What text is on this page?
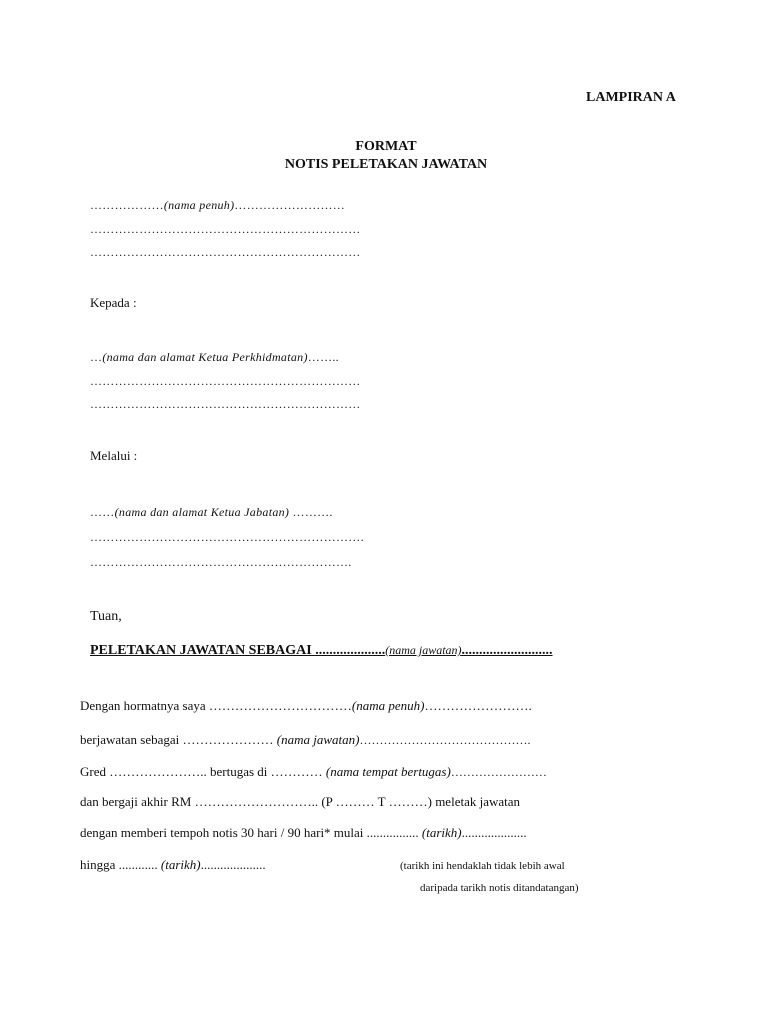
LAMPIRAN A
FORMAT
NOTIS PELETAKAN JAWATAN
………………(nama penuh)………………………
…………………………………………………………
…………………………………………………………
Kepada :
…(nama dan alamat Ketua Perkhidmatan)……..
…………………………………………………………
…………………………………………………………
Melalui :
……(nama dan alamat Ketua Jabatan) ……….
………………………………………………………….
……………………………………………………….
Tuan,
PELETAKAN JAWATAN SEBAGAI ....................(nama jawatan)..........................
Dengan hormatnya saya ……………………………(nama penuh)…………………….
berjawatan sebagai ………………… (nama jawatan)…………………………………….
Gred ………………….. bertugas di ………… (nama tempat bertugas)……………………
dan bergaji akhir RM ……………………….. (P ……… T ………) meletak jawatan
dengan memberi tempoh notis 30 hari / 90 hari* mulai ................ (tarikh)....................
hingga ............ (tarikh)....................	(tarikh ini hendaklah tidak lebih awal
daripada tarikh notis ditandatangan)
